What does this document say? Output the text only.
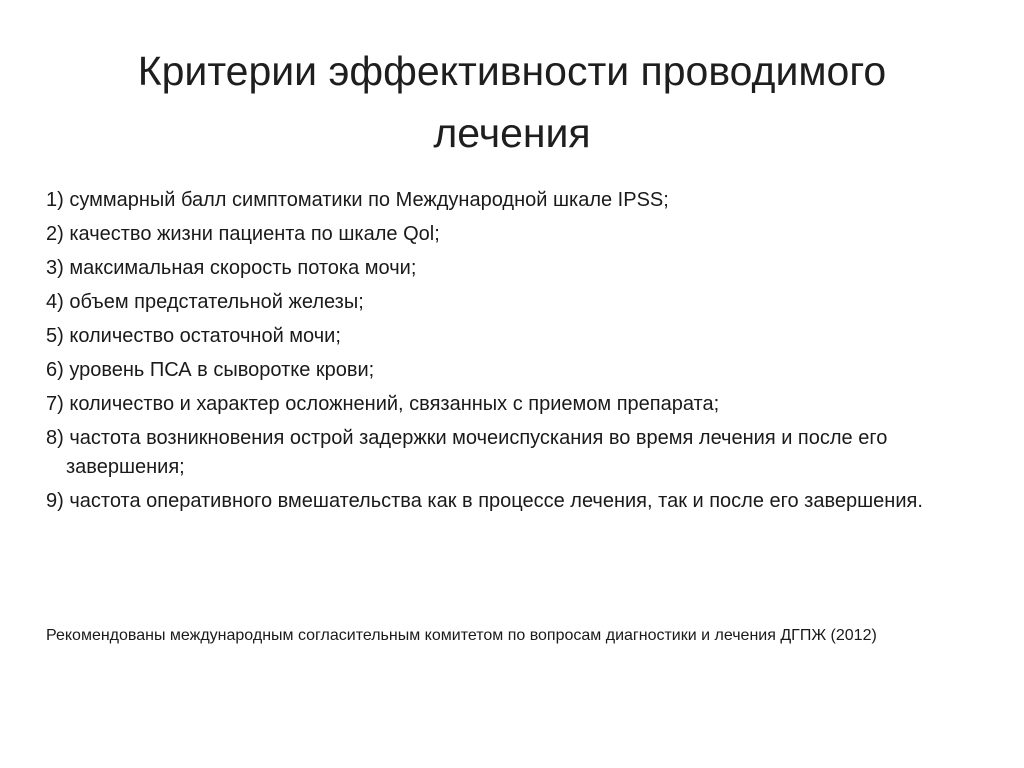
Критерии эффективности проводимого лечения
1) суммарный балл симптоматики по Международной шкале IPSS;
2) качество жизни пациента по шкале Qol;
3) максимальная скорость потока мочи;
4) объем предстательной железы;
5) количество остаточной мочи;
6) уровень ПСА в сыворотке крови;
7) количество и характер осложнений, связанных с приемом препарата;
8) частота возникновения острой задержки мочеиспускания во время лечения и после его завершения;
9) частота оперативного вмешательства как в процессе лечения, так и после его завершения.

Рекомендованы международным согласительным комитетом по вопросам диагностики и лечения ДГПЖ (2012)
